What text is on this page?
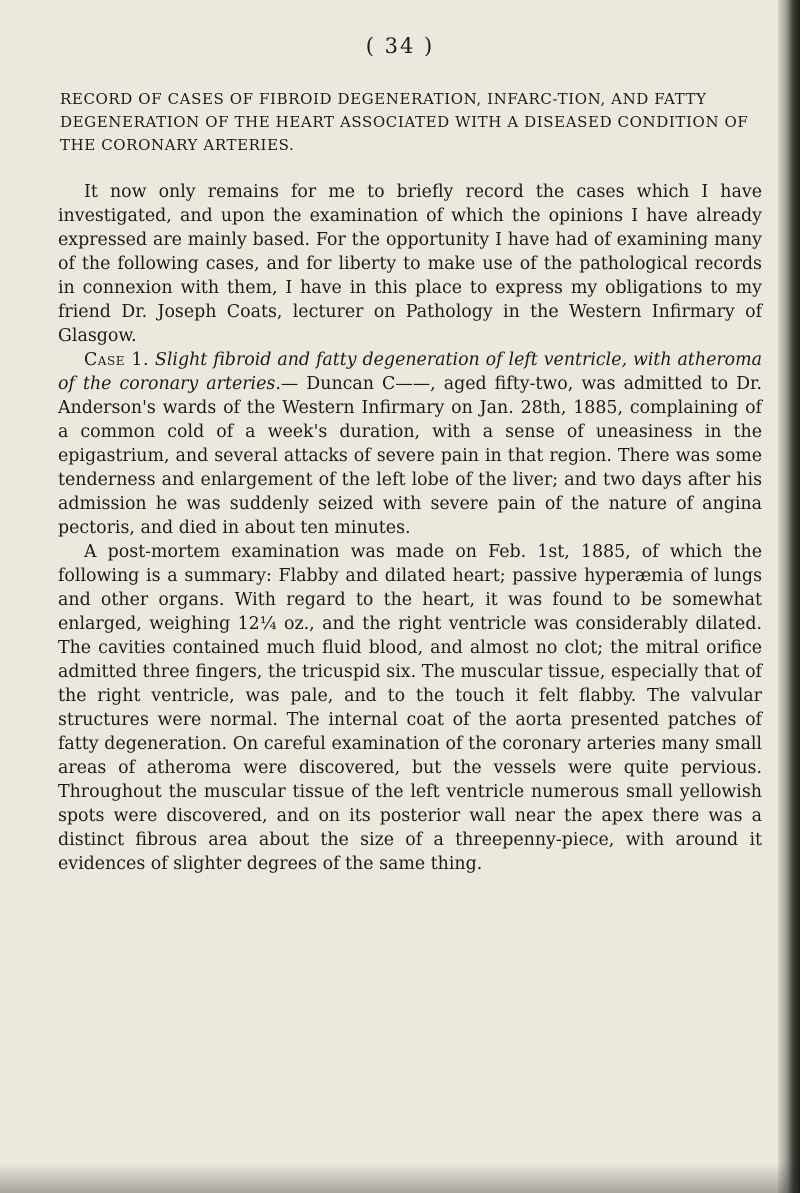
( 34 )
RECORD OF CASES OF FIBROID DEGENERATION, INFARC-TION, AND FATTY DEGENERATION OF THE HEART ASSOCIATED WITH A DISEASED CONDITION OF THE CORONARY ARTERIES.

It now only remains for me to briefly record the cases which I have investigated, and upon the examination of which the opinions I have already expressed are mainly based. For the opportunity I have had of examining many of the following cases, and for liberty to make use of the pathological records in connexion with them, I have in this place to express my obligations to my friend Dr. Joseph Coats, lecturer on Pathology in the Western Infirmary of Glasgow.

Case 1. Slight fibroid and fatty degeneration of left ventricle, with atheroma of the coronary arteries.— Duncan C——, aged fifty-two, was admitted to Dr. Anderson's wards of the Western Infirmary on Jan. 28th, 1885, complaining of a common cold of a week's duration, with a sense of uneasiness in the epigastrium, and several attacks of severe pain in that region. There was some tenderness and enlargement of the left lobe of the liver; and two days after his admission he was suddenly seized with severe pain of the nature of angina pectoris, and died in about ten minutes.

A post-mortem examination was made on Feb. 1st, 1885, of which the following is a summary: Flabby and dilated heart; passive hyperæmia of lungs and other organs. With regard to the heart, it was found to be somewhat enlarged, weighing 12¼ oz., and the right ventricle was considerably dilated. The cavities contained much fluid blood, and almost no clot; the mitral orifice admitted three fingers, the tricuspid six. The muscular tissue, especially that of the right ventricle, was pale, and to the touch it felt flabby. The valvular structures were normal. The internal coat of the aorta presented patches of fatty degeneration. On careful examination of the coronary arteries many small areas of atheroma were discovered, but the vessels were quite pervious. Throughout the muscular tissue of the left ventricle numerous small yellowish spots were discovered, and on its posterior wall near the apex there was a distinct fibrous area about the size of a threepenny-piece, with around it evidences of slighter degrees of the same thing.
